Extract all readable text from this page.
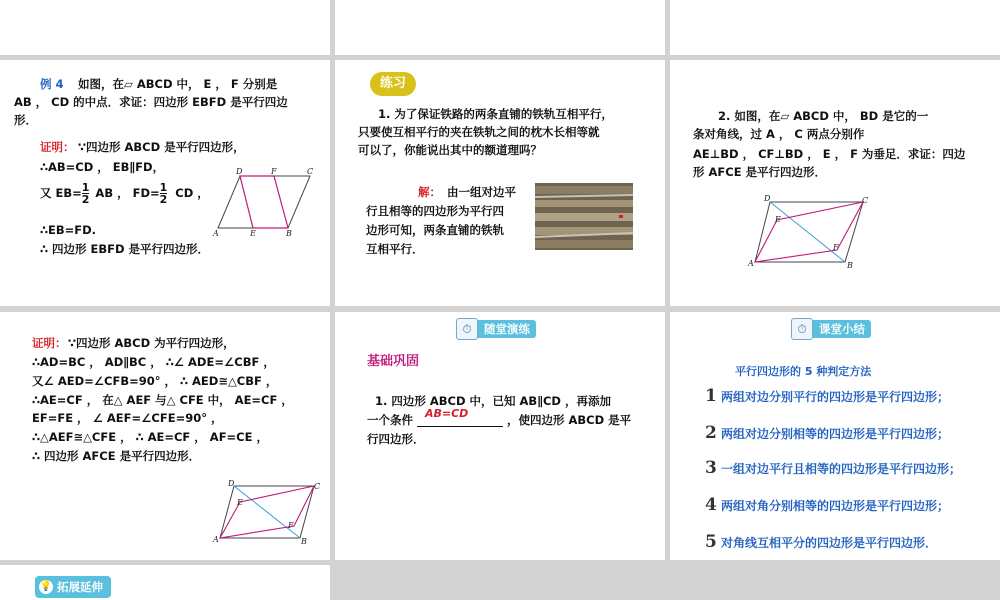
例 4 如图，在▱ ABCD 中， E ， F 分别是
AB ， CD 的中点．求证：四边形 EBFD 是平行四边
形．
证明： ∵四边形 ABCD 是平行四边形，
∴AB=CD ， EB∥FD，
又 $EB= \frac{1}{2}$ AB ， $FD= \frac{1}{2}$ CD ，
∴EB=FD.
∴ 四边形 EBFD 是平行四边形．
D	F	C
A	E	B
练习
1. 为了保证铁路的两条直铺的铁轨互相平行，
只要使互相平行的夹在铁轨之间的枕木长相等就
可以了，你能说出其中的额道理吗？
解： 由一组对边平
行且相等的四边形为平行四
边形可知，两条直铺的铁轨
互相平行．
2. 如图，在▱ ABCD 中， BD 是它的一
条对角线，过 A ， C 两点分别作
AE⊥BD ， CF⊥BD ， E ， F 为垂足．求证：四边
形 AFCE 是平行四边形．
D	C
E
F
A	B
证明： ∵四边形 ABCD 为平行四边形，
∴AD=BC ， AD∥BC ， ∴∠ ADE=∠CBF ，
又∠ AED=∠CFB=90° ， ∴ AED≅△CBF ，
∴AE=CF ， 在△ AEF 与△ CFE 中， AE=CF ，
EF=FE ， ∠ AEF=∠CFE=90° ，
∴△AEF≅△CFE ， ∴ AE=CF ， AF=CE ，
∴ 四边形 AFCE 是平行四边形．
D	C
E
F
A	B
⏱	随堂演练
基础巩固
1. 四边形 ABCD 中，已知 AB∥CD ，再添加
一个条件 AB=CD	，使四边形 ABCD 是平
行四边形．
⏱	课堂小结
平行四边形的 5 种判定方法
1 两组对边分别平行的四边形是平行四边形；
2 两组对边分别相等的四边形是平行四边形；
3 一组对边平行且相等的四边形是平行四边形；
4 两组对角分别相等的四边形是平行四边形；
5 对角线互相平分的四边形是平行四边形．
💡 拓展延伸
